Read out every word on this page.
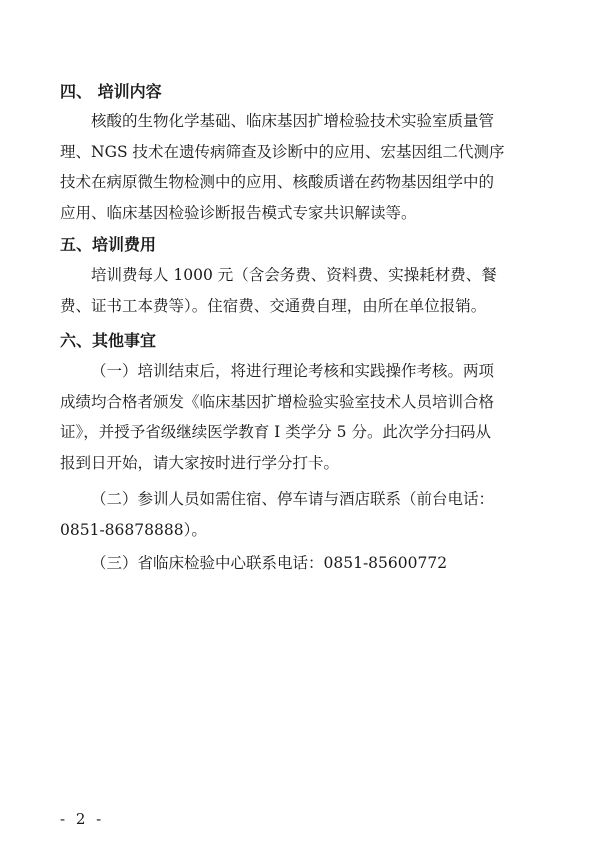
四、 培训内容
核酸的生物化学基础、临床基因扩增检验技术实验室质量管
理、NGS 技术在遗传病筛查及诊断中的应用、宏基因组二代测序
技术在病原微生物检测中的应用、核酸质谱在药物基因组学中的
应用、临床基因检验诊断报告模式专家共识解读等。
五、培训费用
培训费每人 1000 元（含会务费、资料费、实操耗材费、餐
费、证书工本费等）。住宿费、交通费自理，由所在单位报销。
六、其他事宜
（一）培训结束后，将进行理论考核和实践操作考核。两项
成绩均合格者颁发《临床基因扩增检验实验室技术人员培训合格
证》，并授予省级继续医学教育 I 类学分 5 分。此次学分扫码从
报到日开始，请大家按时进行学分打卡。
（二）参训人员如需住宿、停车请与酒店联系（前台电话：
0851-86878888）。
（三）省临床检验中心联系电话：0851-85600772
- 2 -
